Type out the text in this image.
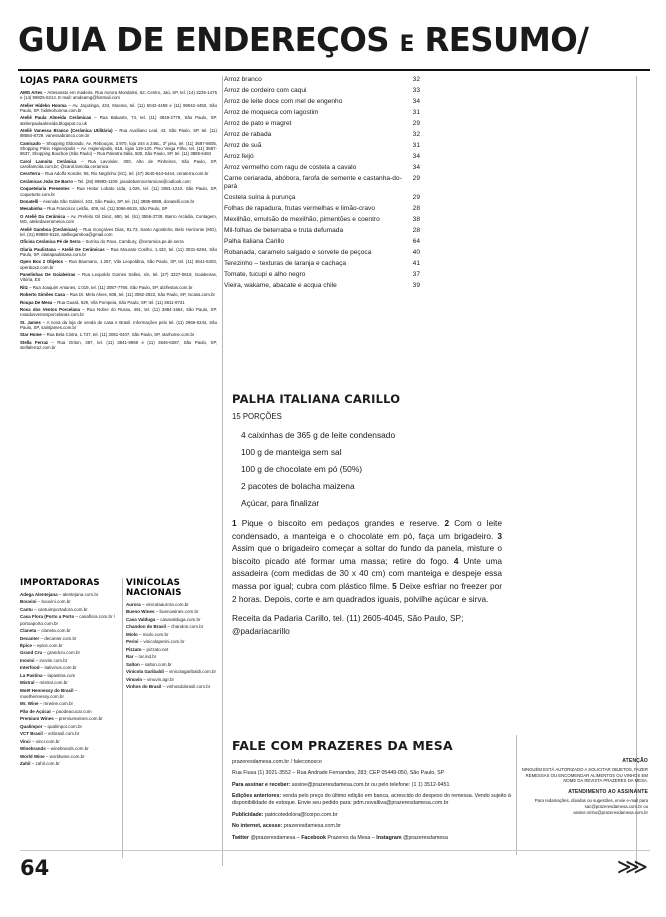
GUIA DE ENDEREÇOS E RESUMO/
LOJAS PARA GOURMETS

AMG Artes – Artesanato em madeira. Rua Aurora Mondarisi, 62, Centro, Jaú, SP, tel. (14) 3235-1475 e (14) 99925-6214. E-mail: amdeamg@hotmail.com

Atelier Hideko Honma – Av. Jaçutinga, 434, Moema, tel. (11) 5042-4459 e (11) 99042-4450, São Paulo, SP. hidekohonma.com.br

Ateliê Paula Almeida Cerâmicas – Rua Baluarte, 74, tel. (11) 3849-2779, São Paulo, SP. atelierpaulaalmeida.blogspot.co.uk

Ateliê Vanessa Branco (Cerâmica Utilitária) – Rua Auxiliano Leal, 43, São Paulo, SP, tel. (11) 98584-8729. vanessabranco.com.br

Camicado – Shopping Eldorado, Av. Rebouças, 3.970, loja 244 a 246L, 3º piso, tel. (11) 3687-8605, Shopping Pátio Higienópolis – Av. Higienópolis, 618, lojas 119-120, Piso Veiga Filho, tel. (11) 3587-8637, Shopping Bourbon (São Paulo) – Rua Palestra Itália, 500, São Paulo, SP, tel. (11) 3885-6484

Carol Lamoita Cerâmica – Rua Lavoisier, 300, Alto de Pinheiros, São Paulo, SP, carollamoita.com.br; @carol.lamoita.ceramica

CeraTerra – Rua Adolfo Konder, 95, Rio Negrinho (SC), tel. (47) 3640-644-6444, ceraterra.com.br

Cerâmicas João De Barro – Tel. (26) 99993-1109. joaodebarroceramicas@outlook.com

Coquetelaria Presentes – Rua Heitor Lobato Ltda, 1.026, tel. (11) 3081-1210, São Paulo, SP, coqueturte.com.br

Donatelli – Avenida São Gabriel, 102, São Paulo, SP, tel. (11) 3885-6988, donatelli.com.br

Mesabinha – Rua Francisco Leitão, 409, tel. (11) 3066-8619, São Paulo, SP

O Ateliê Da Cerâmica – Av. Prefeito Gil Diniz, 680, tel. (61) 3556-3739, Bairro Arcádia, Contagem, MG, ateliedacerameica.com

Ateliê Gamboa (Cerâmicas) – Rua Gonçalves Dias, 91.73, Santo Agostinho, Belo Horizonte (MG), tel. (31) 99880-9118, atelliegamboa@gmail.com

Oficina Cerâmica Pé de Serra – Sorriso do Pavo, Cambury, @ceramica.pe.de.serra

Olaria Paulistana – Ateliê De Cerâmicas – Rua Mourato Coelho, 1.433, tel. (11) 3031-6294, São Paulo, SP. olariapaulistana.com.br

Open Box 2 Objetos – Rua Baumann, 1.297, Vila Leopoldina, São Paulo, SP, tel. (11) 3641-6403, openbox2.com.br

Panelinhas De Goiabeiras – Rua Leopoldo Gomes Salles, s/n, tel. (27) 3327-0619, Goiabeiras, Vitória, ES

Ritz – Rua Joaquim Antunes, 1.019, tel. (11) 3087-7766, São Paulo, SP, alzifestas.com.br

Roberto Simões Casa – Rua Dr. Melo Alves, 608, tel. (11) 3082-2922, São Paulo, SP, rscasa.com.br

Roupa De Mesa – Rua Guará, 629, Vila Pompeia, São Paulo, SP, tel. (11) 3811-9731

Rosa dos Ventos Porcelana – Rua Nobre do Russu, 491, tel. (11) 3884-1564, São Paulo, SP. rosadosventosporcelanas.com.br

St. James – A nova da loja de venda de casa e Brasil. Informações pelo tel. (11) 2966-5344, São Paulo, SP, saintjames.com.br

Star Home – Rua Bela Cintra, 1.737, tel. (11) 3061-0407, São Paulo, SP, starhome.com.br

Stella Ferraz – Rua Oriton, 387, tel. (11) 3841-9968 e (11) 3646-9287, São Paulo, SP, stellaferraz.com.br

Arroz branco	32
Arroz de cordeiro com caqui	33
Arroz de leite doce com mel de engenho	34
Arroz de moqueca com lagostim	31
Arroz de pato e magret	29
Arroz de rabada	32
Arroz de suã	31
Arroz feijó	34
Arroz vermelho com ragu de costela a cavalo	34
Carne ceriarada, abóbora, farofa de semente e castanha-do-pará
29
Costela suína à purunça	29
Folhas de rapadura, frutas vermelhas e limão-cravo	28
Mexilhão, emulsão de mexilhão, pimentões e coentro	38
Mil-folhas de beterraba e truta defumada	28
Palha italiana Carillo	64
Robanada, caramelo salgado e sorvete de peçoca	40
Terezinho – texturas de laranja e cachaça	41
Tomate, tucupi e alho negro	37
Vieira, wakame, abacate e acqua chile	39
PALHA ITALIANA CARILLO

15 PORÇÕES

4 caixinhas de 365 g de leite condensado

100 g de manteiga sem sal

100 g de chocolate em pó (50%)

2 pacotes de bolacha maizena

Açúcar, para finalizar

1 Pique o biscoito em pedaços grandes e reserve. 2 Com o leite condensado, a manteiga e o chocolate em pó, faça um brigadeiro. 3 Assim que o brigadeiro começar a soltar do fundo da panela, misture o biscoito picado até formar uma massa; retire do fogo. 4 Unte uma assadeira (com medidas de 30 x 40 cm) com manteiga e despeje essa massa por igual; cubra com plástico filme. 5 Deixe esfriar no freezer por 2 horas. Depois, corte e am quadrados iguais, polvilhe açúcar e sirva.

Receita da Padaria Carillo, tel. (11) 2605-4045, São Paulo, SP; @padariacarillo

IMPORTADORAS

Adega Alentejana – alentejana.com.br

Bouvini – bouvini.com.br

Cantu – cantuimportadora.com.br

Casa Flora (Porto a Porto – casaflora.com.br / portoaporto.com.br

Claneta – claneta.com.br

Decanter – decanter.com.br

Épice – epice.com.br

Grand Cru – grandcru.com.br

Inovini – inovini.com.br

Interfood – italivinos.com.br

La Pastina – lapastina.com

Mistral – mistral.com.br

Moët Hennessy do Brasil – moethennessy.com.br

Mr. Wine – mrwine.com.br

Pão de Açúcar – paodeacucar.com

Premium Wines – premiumwines.com.br

Qualimpor – qualimpor.com.br

VCT Brasil – vctbrasil.com.br

Vinci – vinci.com.br

Winebrands – winebrands.com.br

World Wine – worldwine.com.br

Zahil – zahil.com.br

VINÍCOLAS NACIONAIS

Aurora – vinicolaaurora.com.br

Bueno Wines – buenowines.com.br

Casa Valduga – casavalduga.com.br

Chandon do Brasil – chandon.com.br

Miolo – miolo.com.br

Perini – vinicolaperini.com.br

Pizzato – pizzato.net

Rar – rar.ind.br

Salton – salton.com.br

Vinícola Garibaldi – vinicolagaribaldi.com.br

Vinuvin – vinuvin.agr.br

Vinhos do Brasil – vinhosdobrasil.com.br

FALE COM PRAZERES DA MESA

prazeresdamesa.com.br / faleconosco

Rua Fiusa (1) 3021-3552 – Rua Andrade Fernandes, 283; CEP 05449-050, São Paulo, SP

Para assinar e receber: assine@prazeresdamesa.com.br ou pelo telefone: (1 1) 3512-9451

Edições anteriores: venda pelo preço do último edição em banca, acrescido do despeso do remessa. Vendo sujeito à disponibilidade de estoque. Envie seu pedido para: pdm.novaltiva@prazeresdamesa.com.br

Publicidade: patricotedolora@lcorpo.com.br

No internet, acesse: prazeresdamesa.com.br

Twitter @prazeresdamesa – Facebook Prazeres da Mesa – Instagram @prazeresdamesa

ATENÇÃO

NINGUÉM ESTÁ AUTORIZADO A SOLICITAR OBJETOS, FAZER REMESSAS OU ENCOMENDAR ALIMENTOS OU VINHOS EM NOME DA REVISTA PRAZERES DA MESA.

ATENDIMENTO AO ASSINANTE

Para redamações, dúvidas ou sugestões, envie e-mail para sac@prazeresdamesa.com.br ou assine.vinho@prazeresdamesa.com.br

64	⋙
